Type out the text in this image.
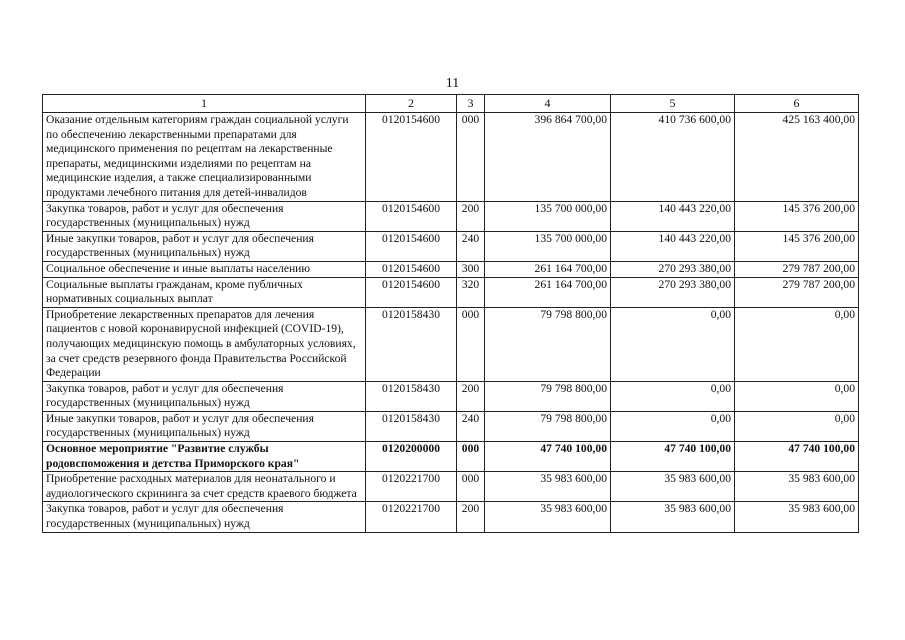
11
1	2	3	4	5	6
Оказание отдельным категориям граждан социальной услуги по обеспечению лекарственными препаратами для медицинского применения по рецептам на лекарственные препараты, медицинскими изделиями по рецептам на медицинские изделия, а также специализированными продуктами лечебного питания для детей-инвалидов	0120154600	000	396 864 700,00	410 736 600,00	425 163 400,00
Закупка товаров, работ и услуг для обеспечения государственных (муниципальных) нужд	0120154600	200	135 700 000,00	140 443 220,00	145 376 200,00
Иные закупки товаров, работ и услуг для обеспечения государственных (муниципальных) нужд	0120154600	240	135 700 000,00	140 443 220,00	145 376 200,00
Социальное обеспечение и иные выплаты населению	0120154600	300	261 164 700,00	270 293 380,00	279 787 200,00
Социальные выплаты гражданам, кроме публичных нормативных социальных выплат	0120154600	320	261 164 700,00	270 293 380,00	279 787 200,00
Приобретение лекарственных препаратов для лечения пациентов с новой коронавирусной инфекцией (COVID-19), получающих медицинскую помощь в амбулаторных условиях, за счет средств резервного фонда Правительства Российской Федерации	0120158430	000	79 798 800,00	0,00	0,00
Закупка товаров, работ и услуг для обеспечения государственных (муниципальных) нужд	0120158430	200	79 798 800,00	0,00	0,00
Иные закупки товаров, работ и услуг для обеспечения государственных (муниципальных) нужд	0120158430	240	79 798 800,00	0,00	0,00
Основное мероприятие "Развитие службы родовспоможения и детства Приморского края"	0120200000	000	47 740 100,00	47 740 100,00	47 740 100,00
Приобретение расходных материалов для неонатального и аудиологического скрининга за счет средств краевого бюджета	0120221700	000	35 983 600,00	35 983 600,00	35 983 600,00
Закупка товаров, работ и услуг для обеспечения государственных (муниципальных) нужд	0120221700	200	35 983 600,00	35 983 600,00	35 983 600,00
